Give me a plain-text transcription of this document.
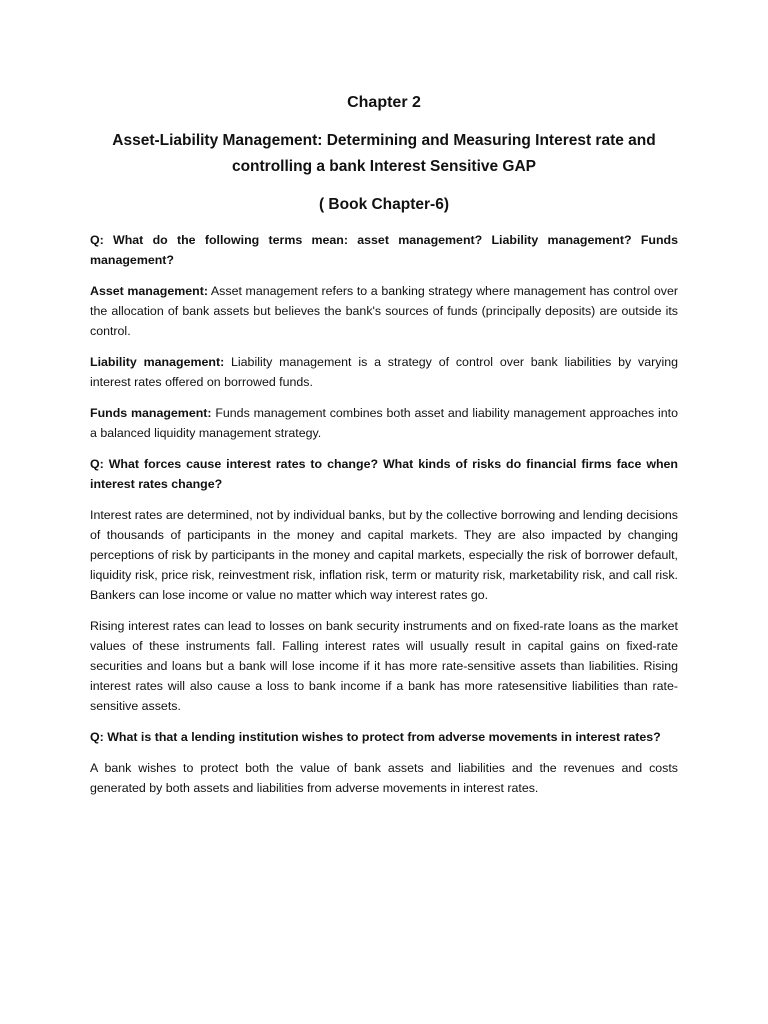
Chapter 2
Asset-Liability Management: Determining and Measuring Interest rate and controlling a bank Interest Sensitive GAP
( Book Chapter-6)

Q: What do the following terms mean: asset management? Liability management? Funds management?

Asset management: Asset management refers to a banking strategy where management has control over the allocation of bank assets but believes the bank's sources of funds (principally deposits) are outside its control.

Liability management: Liability management is a strategy of control over bank liabilities by varying interest rates offered on borrowed funds.

Funds management: Funds management combines both asset and liability management approaches into a balanced liquidity management strategy.

Q: What forces cause interest rates to change? What kinds of risks do financial firms face when interest rates change?

Interest rates are determined, not by individual banks, but by the collective borrowing and lending decisions of thousands of participants in the money and capital markets. They are also impacted by changing perceptions of risk by participants in the money and capital markets, especially the risk of borrower default, liquidity risk, price risk, reinvestment risk, inflation risk, term or maturity risk, marketability risk, and call risk. Bankers can lose income or value no matter which way interest rates go.

Rising interest rates can lead to losses on bank security instruments and on fixed-rate loans as the market values of these instruments fall. Falling interest rates will usually result in capital gains on fixed-rate securities and loans but a bank will lose income if it has more rate-sensitive assets than liabilities. Rising interest rates will also cause a loss to bank income if a bank has more ratesensitive liabilities than rate-sensitive assets.

Q: What is that a lending institution wishes to protect from adverse movements in interest rates?

A bank wishes to protect both the value of bank assets and liabilities and the revenues and costs generated by both assets and liabilities from adverse movements in interest rates.
